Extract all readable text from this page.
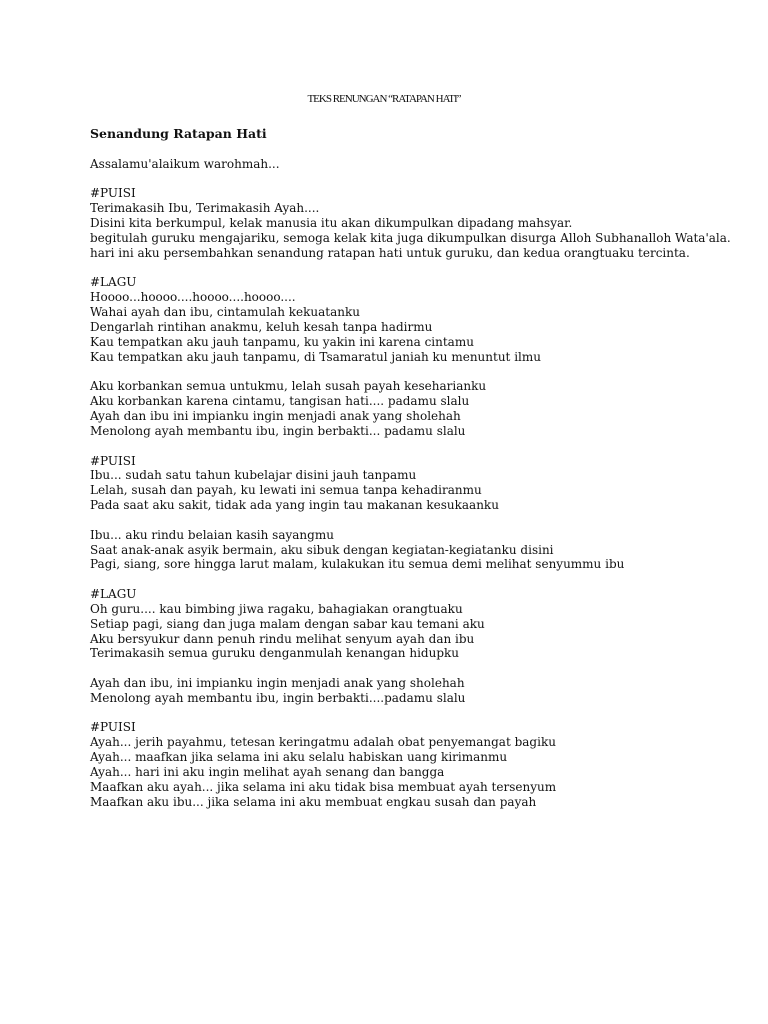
TEKS RENUNGAN “RATAPAN HATI”
Senandung Ratapan Hati
Assalamu'alaikum warohmah...
#PUISI
Terimakasih Ibu, Terimakasih Ayah....
Disini kita berkumpul, kelak manusia itu akan dikumpulkan dipadang mahsyar.
begitulah guruku mengajariku, semoga kelak kita juga dikumpulkan disurga Alloh Subhanalloh Wata'ala.
hari ini aku persembahkan senandung ratapan hati untuk guruku, dan kedua orangtuaku tercinta.
#LAGU
Hoooo...hoooo....hoooo....hoooo....
Wahai ayah dan ibu, cintamulah kekuatanku
Dengarlah rintihan anakmu, keluh kesah tanpa hadirmu
Kau tempatkan aku jauh tanpamu, ku yakin ini karena cintamu
Kau tempatkan aku jauh tanpamu, di Tsamaratul janiah ku menuntut ilmu
Aku korbankan semua untukmu, lelah susah payah keseharianku
Aku korbankan karena cintamu, tangisan hati.... padamu slalu
Ayah dan ibu ini impianku ingin menjadi anak yang sholehah
Menolong ayah membantu ibu, ingin berbakti... padamu slalu
#PUISI
Ibu... sudah satu tahun kubelajar disini jauh tanpamu
Lelah, susah dan payah, ku lewati ini semua tanpa kehadiranmu
Pada saat aku sakit, tidak ada yang ingin tau makanan kesukaanku
Ibu... aku rindu belaian kasih sayangmu
Saat anak-anak asyik bermain, aku sibuk dengan kegiatan-kegiatanku disini
Pagi, siang, sore hingga larut malam, kulakukan itu semua demi melihat senyummu ibu
#LAGU
Oh guru.... kau bimbing jiwa ragaku, bahagiakan orangtuaku
Setiap pagi, siang dan juga malam dengan sabar kau temani aku
Aku bersyukur dann penuh rindu melihat senyum ayah dan ibu
Terimakasih semua guruku denganmulah kenangan hidupku
Ayah dan ibu, ini impianku ingin menjadi anak yang sholehah
Menolong ayah membantu ibu, ingin berbakti....padamu slalu
#PUISI
Ayah... jerih payahmu, tetesan keringatmu adalah obat penyemangat bagiku
Ayah... maafkan jika selama ini aku selalu habiskan uang kirimanmu
Ayah... hari ini aku ingin melihat ayah senang dan bangga
Maafkan aku ayah... jika selama ini aku tidak bisa membuat ayah tersenyum
Maafkan aku ibu... jika selama ini aku membuat engkau susah dan payah
